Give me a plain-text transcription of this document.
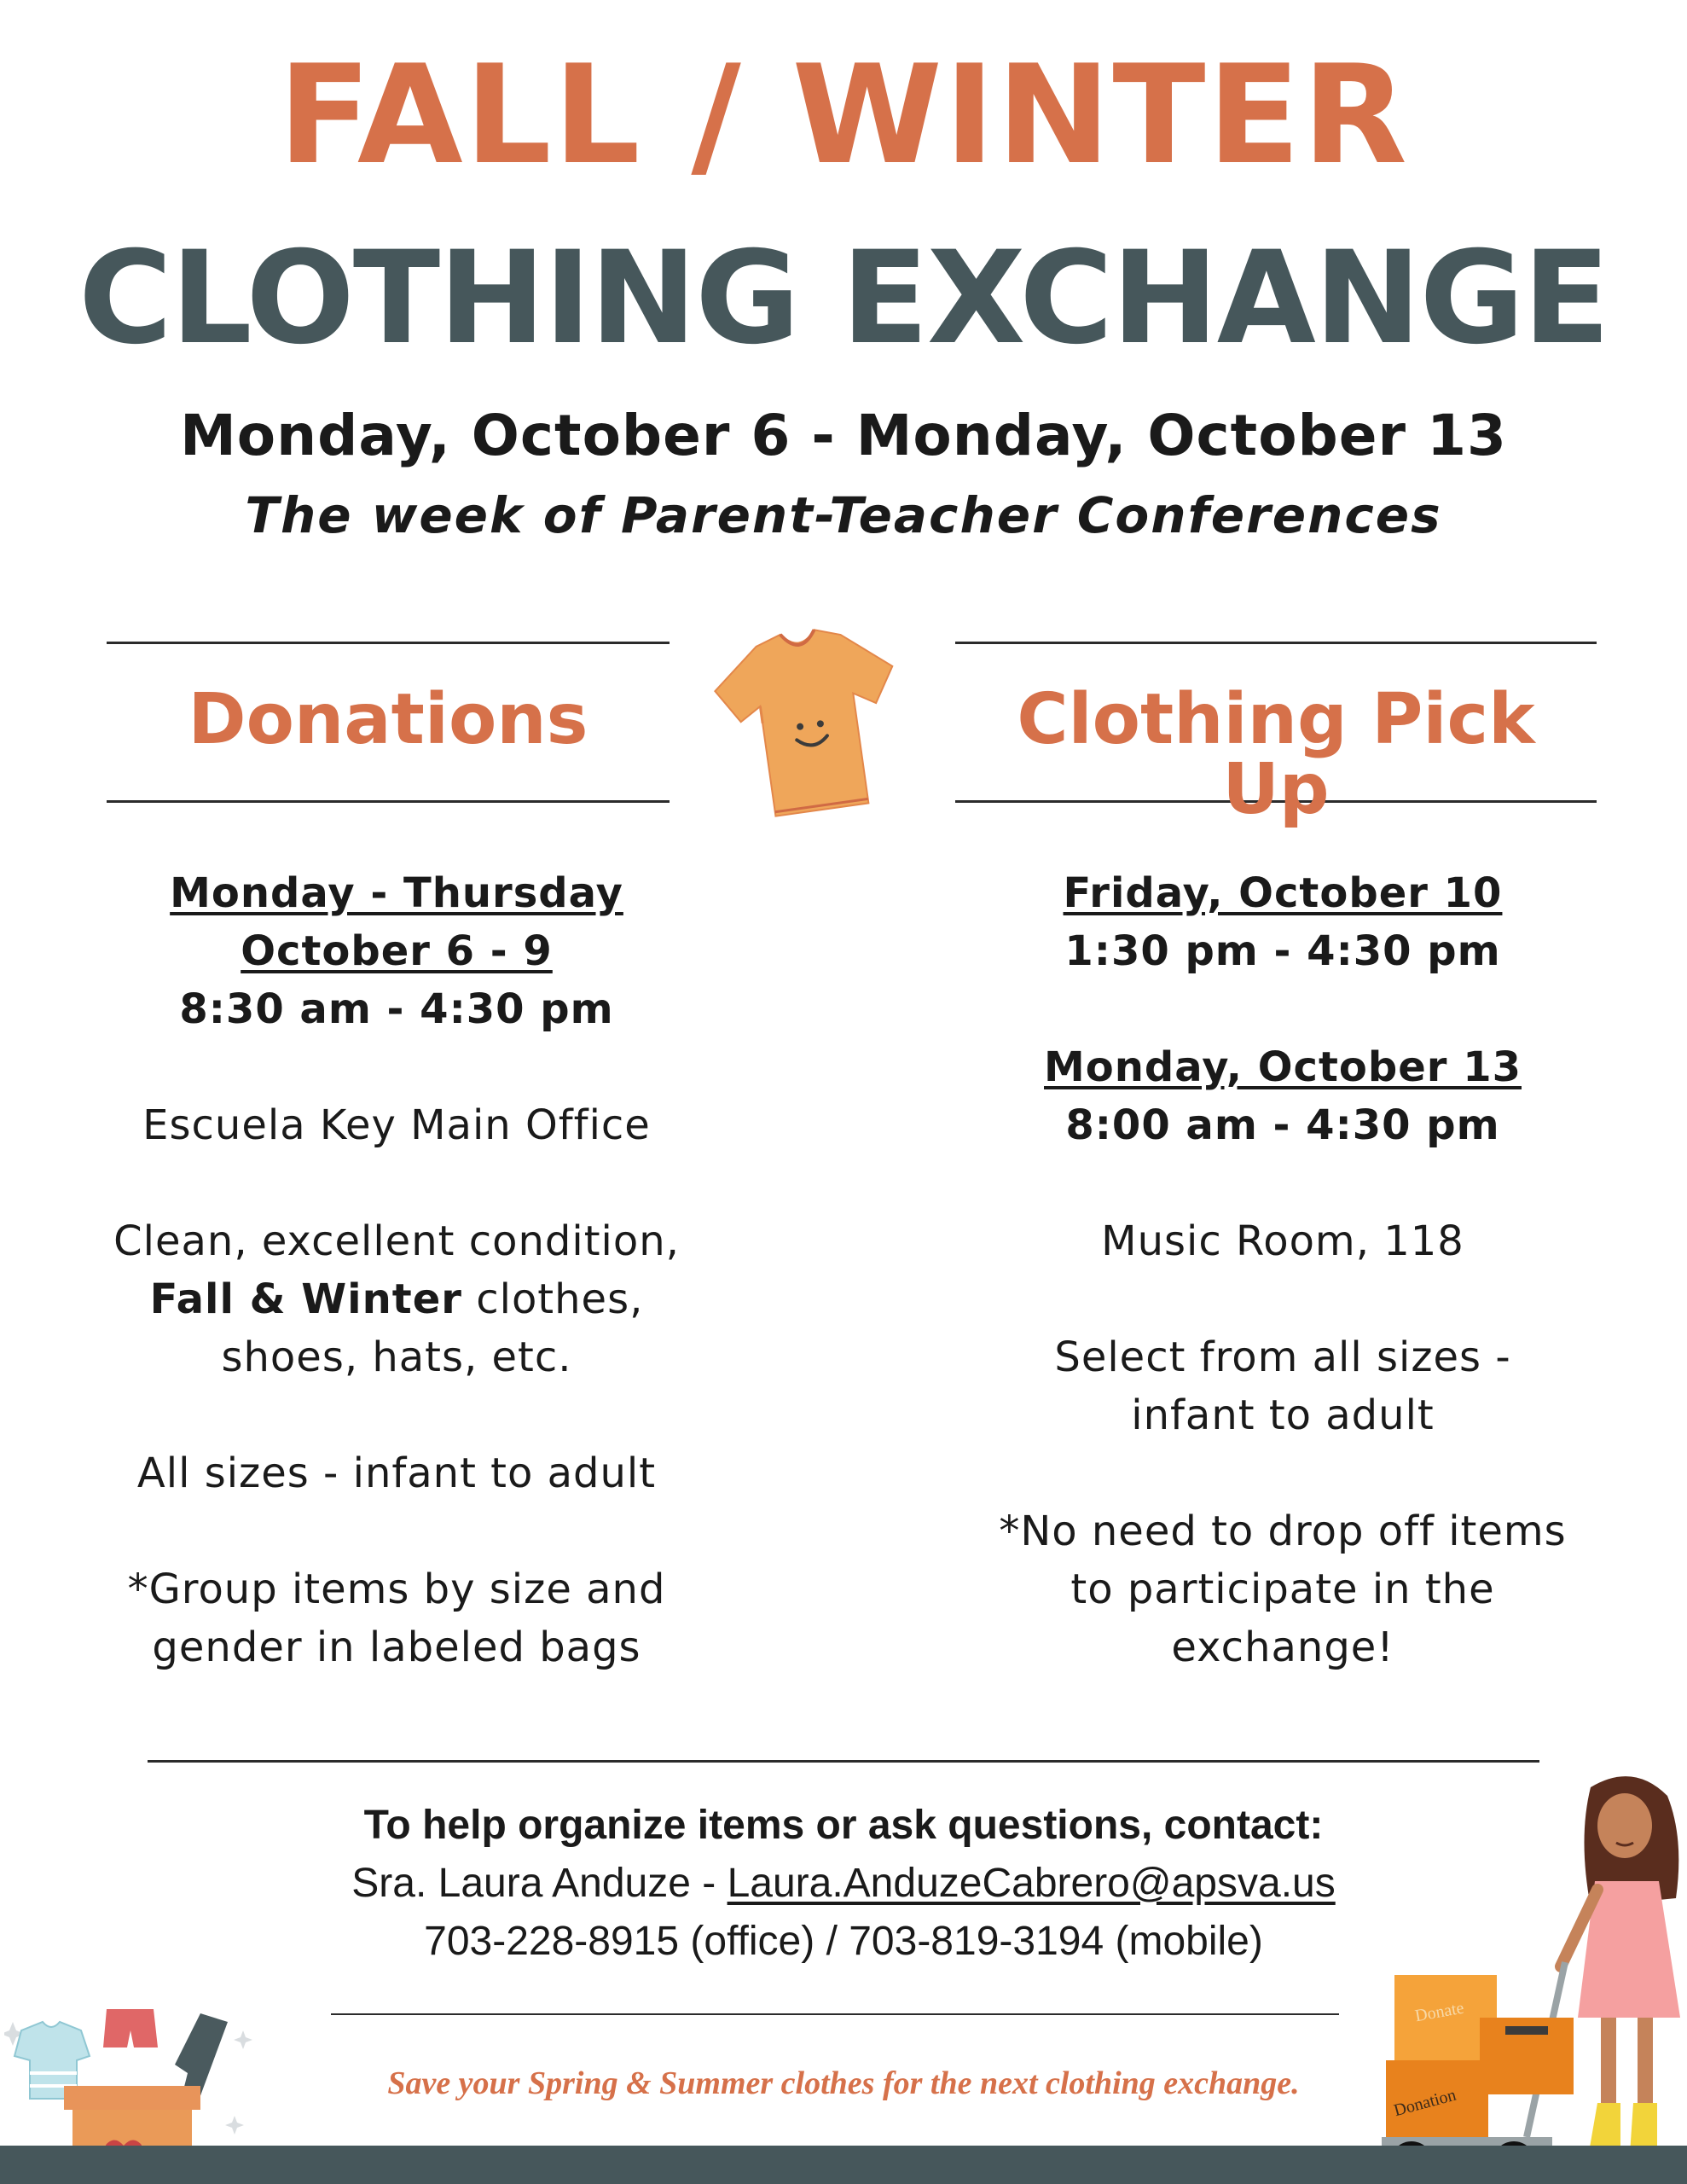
FALL / WINTER
CLOTHING EXCHANGE
Monday, October 6 - Monday, October 13
The week of Parent-Teacher Conferences
Donations	Clothing Pick Up

Monday - Thursday

October 6 - 9

8:30 am - 4:30 pm

Escuela Key Main Office

Clean, excellent condition,

Fall & Winter clothes,

shoes, hats, etc.

All sizes - infant to adult

*Group items by size and

gender in labeled bags

Friday, October 10

1:30 pm - 4:30 pm

Monday, October 13

8:00 am - 4:30 pm

Music Room, 118

Select from all sizes -

infant to adult

*No need to drop off items

to participate in the

exchange!

To help organize items or ask questions, contact:
Sra. Laura Anduze - Laura.AnduzeCabrero@apsva.us
703-228-8915 (office) / 703-819-3194 (mobile)
Save your Spring & Summer clothes for the next clothing exchange.
Donate
Donation
